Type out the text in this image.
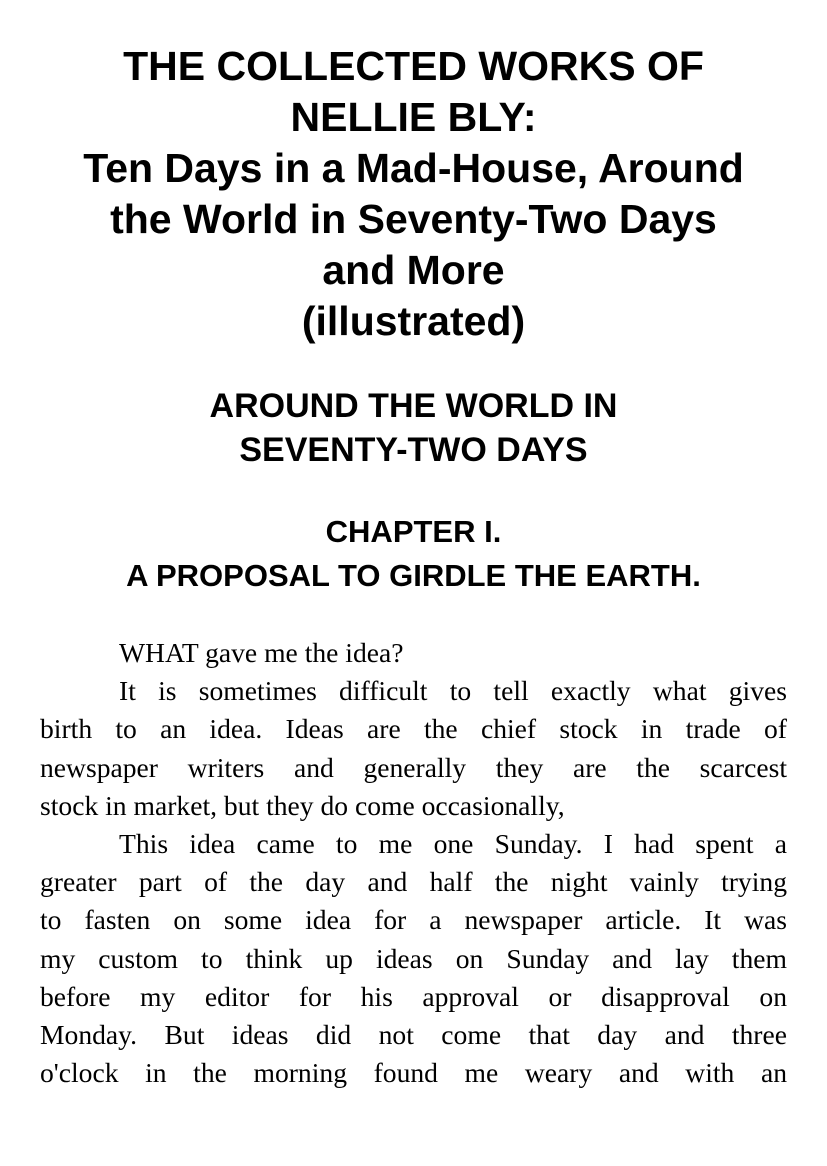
THE COLLECTED WORKS OF
NELLIE BLY:
Ten Days in a Mad-House, Around
the World in Seventy-Two Days
and More
(illustrated)
AROUND THE WORLD IN
SEVENTY-TWO DAYS
CHAPTER I.
A PROPOSAL TO GIRDLE THE EARTH.
WHAT gave me the idea?
It is sometimes difficult to tell exactly what gives
birth to an idea. Ideas are the chief stock in trade of
newspaper writers and generally they are the scarcest
stock in market, but they do come occasionally,
This idea came to me one Sunday. I had spent a
greater part of the day and half the night vainly trying
to fasten on some idea for a newspaper article. It was
my custom to think up ideas on Sunday and lay them
before my editor for his approval or disapproval on
Monday. But ideas did not come that day and three
o'clock in the morning found me weary and with an
